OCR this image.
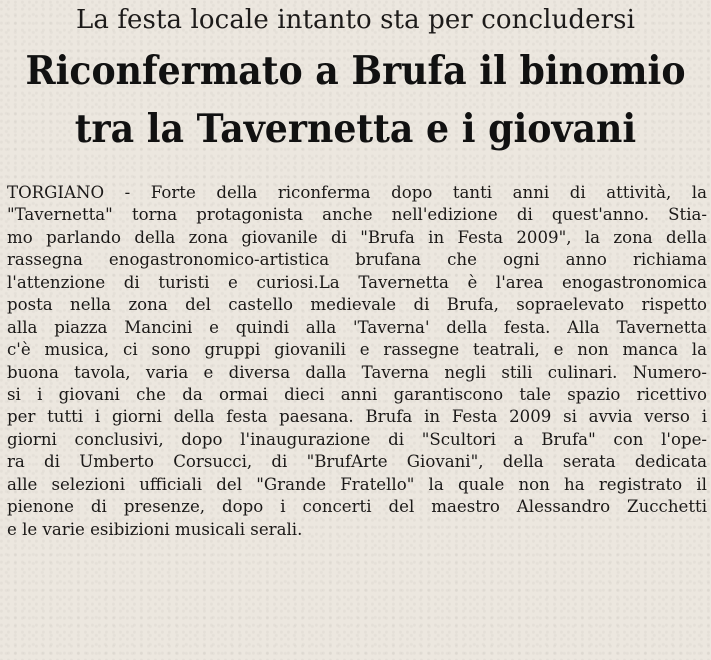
La festa locale intanto sta per concludersi
Riconfermato a Brufa il binomio
tra la Tavernetta e i giovani
TORGIANO - Forte della riconferma dopo tanti anni di attività, la
"Tavernetta" torna protagonista anche nell'edizione di quest'anno. Stia-
mo parlando della zona giovanile di "Brufa in Festa 2009", la zona della
rassegna enogastronomico-artistica brufana che ogni anno richiama
l'attenzione di turisti e curiosi.La Tavernetta è l'area enogastronomica
posta nella zona del castello medievale di Brufa, sopraelevato rispetto
alla piazza Mancini e quindi alla 'Taverna' della festa. Alla Tavernetta
c'è musica, ci sono gruppi giovanili e rassegne teatrali, e non manca la
buona tavola, varia e diversa dalla Taverna negli stili culinari. Numero-
si i giovani che da ormai dieci anni garantiscono tale spazio ricettivo
per tutti i giorni della festa paesana. Brufa in Festa 2009 si avvia verso i
giorni conclusivi, dopo l'inaugurazione di "Scultori a Brufa" con l'ope-
ra di Umberto Corsucci, di "BrufArte Giovani", della serata dedicata
alle selezioni ufficiali del "Grande Fratello" la quale non ha registrato il
pienone di presenze, dopo i concerti del maestro Alessandro Zucchetti
e le varie esibizioni musicali serali.
